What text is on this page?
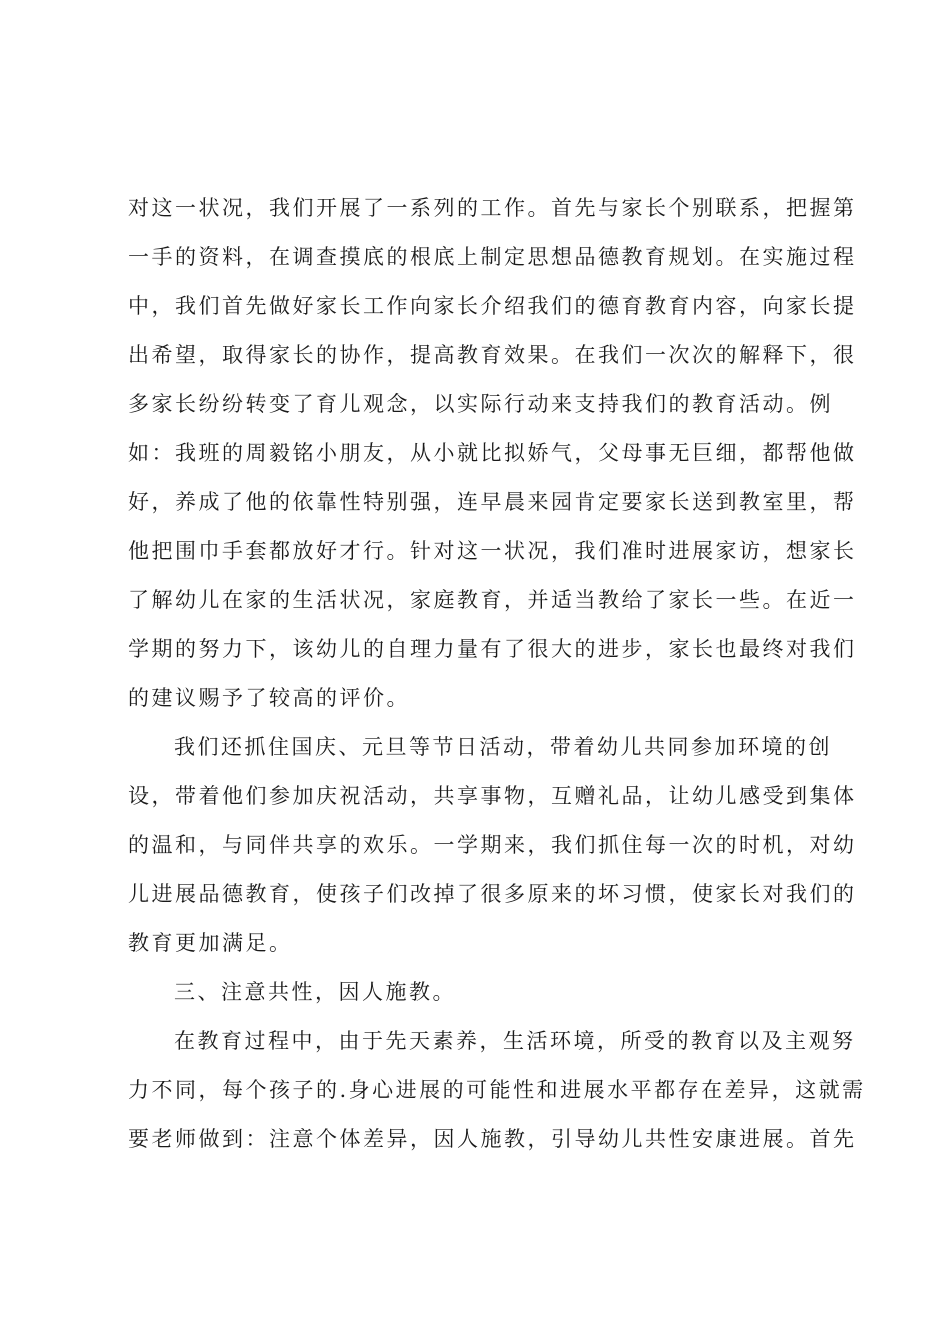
对这一状况，我们开展了一系列的工作。首先与家长个别联系，把握第
一手的资料，在调查摸底的根底上制定思想品德教育规划。在实施过程
中，我们首先做好家长工作向家长介绍我们的德育教育内容，向家长提
出希望，取得家长的协作，提高教育效果。在我们一次次的解释下，很
多家长纷纷转变了育儿观念，以实际行动来支持我们的教育活动。例
如：我班的周毅铭小朋友，从小就比拟娇气，父母事无巨细，都帮他做
好，养成了他的依靠性特别强，连早晨来园肯定要家长送到教室里，帮
他把围巾手套都放好才行。针对这一状况，我们准时进展家访，想家长
了解幼儿在家的生活状况，家庭教育，并适当教给了家长一些。在近一
学期的努力下，该幼儿的自理力量有了很大的进步，家长也最终对我们
的建议赐予了较高的评价。
我们还抓住国庆、元旦等节日活动，带着幼儿共同参加环境的创
设，带着他们参加庆祝活动，共享事物，互赠礼品，让幼儿感受到集体
的温和，与同伴共享的欢乐。一学期来，我们抓住每一次的时机，对幼
儿进展品德教育，使孩子们改掉了很多原来的坏习惯，使家长对我们的
教育更加满足。
三、注意共性，因人施教。
在教育过程中，由于先天素养，生活环境，所受的教育以及主观努
力不同，每个孩子的.身心进展的可能性和进展水平都存在差异，这就需
要老师做到：注意个体差异，因人施教，引导幼儿共性安康进展。首先
